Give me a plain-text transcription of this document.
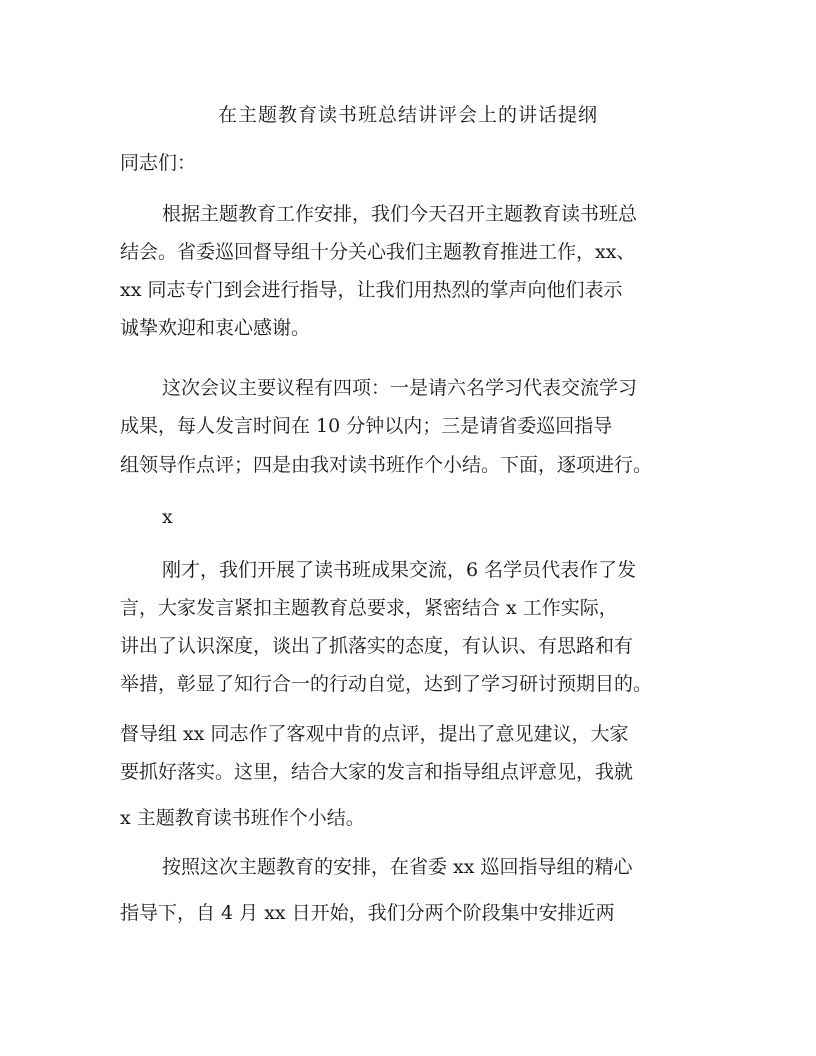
在主题教育读书班总结讲评会上的讲话提纲
同志们：
根据主题教育工作安排，我们今天召开主题教育读书班总
结会。省委巡回督导组十分关心我们主题教育推进工作，xx、
xx 同志专门到会进行指导，让我们用热烈的掌声向他们表示
诚挚欢迎和衷心感谢。
这次会议主要议程有四项：一是请六名学习代表交流学习
成果，每人发言时间在 10 分钟以内；三是请省委巡回指导
组领导作点评；四是由我对读书班作个小结。下面，逐项进行。
x
刚才，我们开展了读书班成果交流，6 名学员代表作了发
言，大家发言紧扣主题教育总要求，紧密结合 x 工作实际，
讲出了认识深度，谈出了抓落实的态度，有认识、有思路和有
举措，彰显了知行合一的行动自觉，达到了学习研讨预期目的。
督导组 xx 同志作了客观中肯的点评，提出了意见建议，大家
要抓好落实。这里，结合大家的发言和指导组点评意见，我就
x 主题教育读书班作个小结。
按照这次主题教育的安排，在省委 xx 巡回指导组的精心
指导下，自 4 月 xx 日开始，我们分两个阶段集中安排近两
